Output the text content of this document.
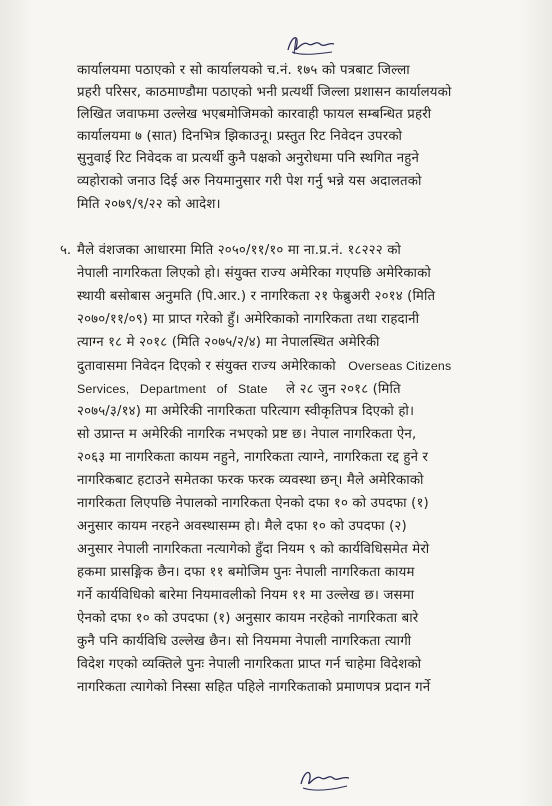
कार्यालयमा पठाएको र सो कार्यालयको च.नं. १७५ को पत्रबाट जिल्ला
प्रहरी परिसर, काठमाण्डौमा पठाएको भनी प्रत्यर्थी जिल्ला प्रशासन कार्यालयको
लिखित जवाफमा उल्लेख भएबमोजिमको कारवाही फायल सम्बन्धित प्रहरी
कार्यालयमा ७ (सात) दिनभित्र झिकाउनू। प्रस्तुत रिट निवेदन उपरको
सुनुवाई रिट निवेदक वा प्रत्यर्थी कुनै पक्षको अनुरोधमा पनि स्थगित नहुने
व्यहोराको जनाउ दिई अरु नियमानुसार गरी पेश गर्नु भन्ने यस अदालतको
मिति २०७९/९/२२ को आदेश।
५. मैले वंशजका आधारमा मिति २०५०/११/१० मा ना.प्र.नं. १८२२२ को
नेपाली नागरिकता लिएको हो। संयुक्त राज्य अमेरिका गएपछि अमेरिकाको
स्थायी बसोबास अनुमति (पि.आर.) र नागरिकता २१ फेब्रुअरी २०१४ (मिति
२०७०/११/०९) मा प्राप्त गरेको हुँ। अमेरिकाको नागरिकता तथा राहदानी
त्याग्न १८ मे २०१८ (मिति २०७५/२/४) मा नेपालस्थित अमेरिकी
दुतावासमा निवेदन दिएको र संयुक्त राज्य अमेरिकाको Overseas Citizens
Services, Department of State ले २८ जुन २०१८ (मिति
२०७५/३/१४) मा अमेरिकी नागरिकता परित्याग स्वीकृतिपत्र दिएको हो।
सो उप्रान्त म अमेरिकी नागरिक नभएको प्रष्ट छ। नेपाल नागरिकता ऐन,
२०६३ मा नागरिकता कायम नहुने, नागरिकता त्याग्ने, नागरिकता रद्द हुने र
नागरिकबाट हटाउने समेतका फरक फरक व्यवस्था छन्। मैले अमेरिकाको
नागरिकता लिएपछि नेपालको नागरिकता ऐनको दफा १० को उपदफा (१)
अनुसार कायम नरहने अवस्थासम्म हो। मैले दफा १० को उपदफा (२)
अनुसार नेपाली नागरिकता नत्यागेको हुँदा नियम ९ को कार्यविधिसमेत मेरो
हकमा प्रासङ्गिक छैन। दफा ११ बमोजिम पुनः नेपाली नागरिकता कायम
गर्ने कार्यविधिको बारेमा नियमावलीको नियम ११ मा उल्लेख छ। जसमा
ऐनको दफा १० को उपदफा (१) अनुसार कायम नरहेको नागरिकता बारे
कुनै पनि कार्यविधि उल्लेख छैन। सो नियममा नेपाली नागरिकता त्यागी
विदेश गएको व्यक्तिले पुनः नेपाली नागरिकता प्राप्त गर्न चाहेमा विदेशको
नागरिकता त्यागेको निस्सा सहित पहिले नागरिकताको प्रमाणपत्र प्रदान गर्ने
